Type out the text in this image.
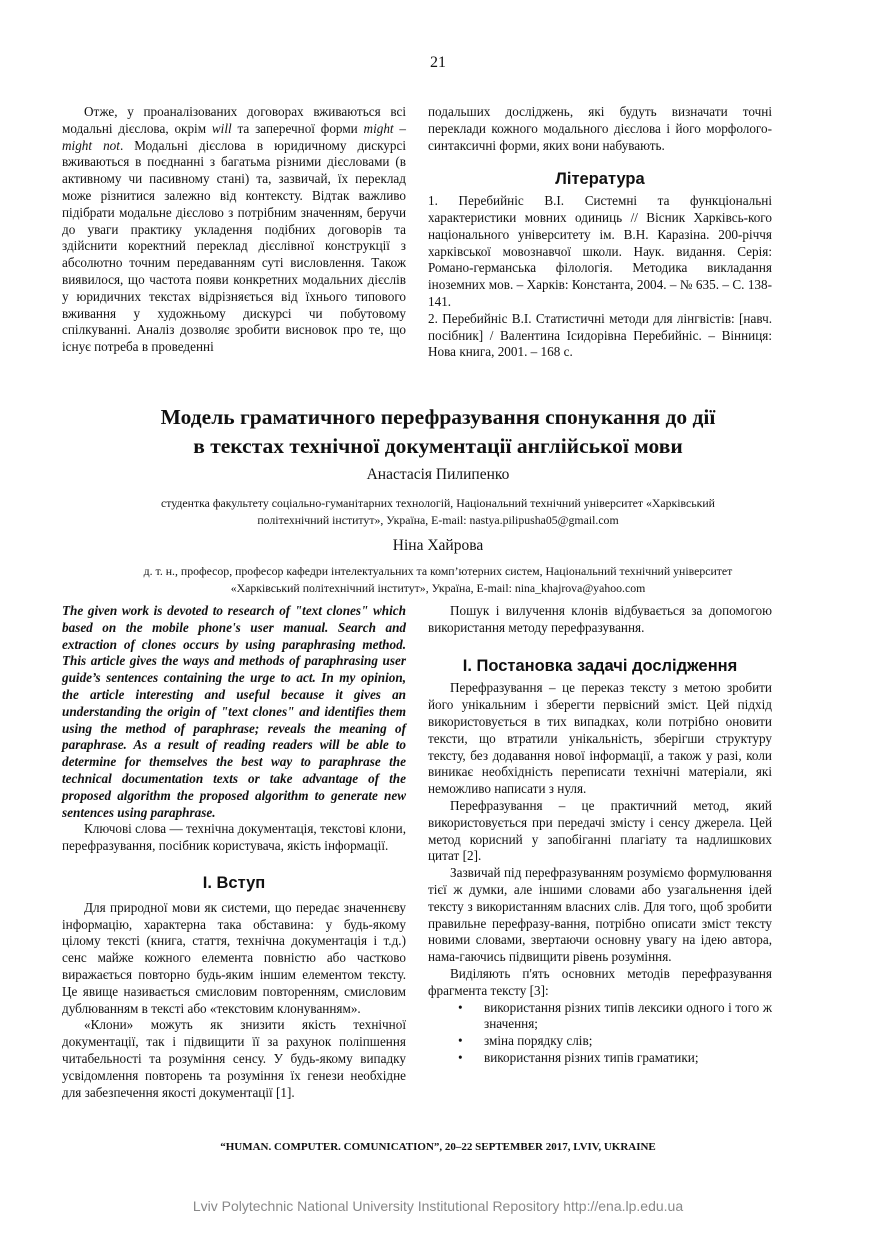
21

Отже, у проаналізованих договорах вживаються всі модальні дієслова, окрім will та заперечної форми might – might not. Модальні дієслова в юридичному дискурсі вживаються в поєднанні з багатьма різними дієсловами (в активному чи пасивному стані) та, зазвичай, їх переклад може різнитися залежно від контексту. Відтак важливо підібрати модальне дієслово з потрібним значенням, беручи до уваги практику укладення подібних договорів та здійснити коректний переклад дієслівної конструкції з абсолютно точним передаванням суті висловлення. Також виявилося, що частота появи конкретних модальних дієслів у юридичних текстах відрізняється від їхнього типового вживання у художньому дискурсі чи побутовому спілкуванні. Аналіз дозволяє зробити висновок про те, що існує потреба в проведенні

подальших досліджень, які будуть визначати точні переклади кожного модального дієслова і його морфолого-синтаксичні форми, яких вони набувають.

Література

1. Перебийніс В.І. Системні та функціональні характеристики мовних одиниць // Вісник Харківсь-кого національного університету ім. В.Н. Каразіна. 200-річчя харківської мовознавчої школи. Наук. видання. Серія: Романо-германська філологія. Методика викладання іноземних мов. – Харків: Константа, 2004. – № 635. – С. 138-141.

2. Перебийніс В.І. Статистичні методи для лінгвістів: [навч. посібник] / Валентина Ісидорівна Перебийніс. – Вінниця: Нова книга, 2001. – 168 с.

Модель граматичного перефразування спонукання до дії
в текстах технічної документації англійської мови
Анастасія Пилипенко
студентка факультету соціально-гуманітарних технологій, Національний технічний університет «Харківський
політехнічний інститут», Україна, E-mail: nastya.pilipusha05@gmail.com
Ніна Хайрова
д. т. н., професор, професор кафедри інтелектуальних та комп’ютерних систем, Національний технічний університет
«Харківський політехнічний інститут», Україна, E-mail: nina_khajrova@yahoo.com

The given work is devoted to research of "text clones" which based on the mobile phone's user manual. Search and extraction of clones occurs by using paraphrasing method. This article gives the ways and methods of paraphrasing user guide’s sentences containing the urge to act. In my opinion, the article interesting and useful because it gives an understanding the origin of "text clones" and identifies them using the method of paraphrase; reveals the meaning of paraphrase. As a result of reading readers will be able to determine for themselves the best way to paraphrase the technical documentation texts or take advantage of the proposed algorithm the proposed algorithm to generate new sentences using paraphrase.

Ключові слова — технічна документація, текстові клони, перефразування, посібник користувача, якість інформації.

I. Вступ

Для природної мови як системи, що передає значеннєву інформацію, характерна така обставина: у будь-якому цілому тексті (книга, стаття, технічна документація і т.д.) сенс майже кожного елемента повністю або частково виражається повторно будь-яким іншим елементом тексту. Це явище називається смисловим повторенням, смисловим дублюванням в тексті або «текстовим клонуванням».

«Клони» можуть як знизити якість технічної документації, так і підвищити її за рахунок поліпшення читабельності та розуміння сенсу. У будь-якому випадку усвідомлення повторень та розуміння їх генези необхідне для забезпечення якості документації [1].

Пошук і вилучення клонів відбувається за допомогою використання методу перефразування.

I. Постановка задачі дослідження

Перефразування – це переказ тексту з метою зробити його унікальним і зберегти первісний зміст. Цей підхід використовується в тих випадках, коли потрібно оновити тексти, що втратили унікальність, зберігши структуру тексту, без додавання нової інформації, а також у разі, коли виникає необхідність переписати технічні матеріали, які неможливо написати з нуля.

Перефразування – це практичний метод, який використовується при передачі змісту і сенсу джерела. Цей метод корисний у запобіганні плагіату та надлишкових цитат [2].

Зазвичай під перефразуванням розуміємо формулювання тієї ж думки, але іншими словами або узагальнення ідей тексту з використанням власних слів. Для того, щоб зробити правильне перефразу-вання, потрібно описати зміст тексту новими словами, звертаючи основну увагу на ідею автора, нама-гаючись підвищити рівень розуміння.

Виділяють п'ять основних методів перефразування фрагмента тексту [3]:

• використання різних типів лексики одного і того ж значення;
• зміна порядку слів;
• використання різних типів граматики;
“HUMAN. COMPUTER. COMUNICATION”, 20–22 SEPTEMBER 2017, LVIV, UKRAINE
Lviv Polytechnic National University Institutional Repository http://ena.lp.edu.ua
